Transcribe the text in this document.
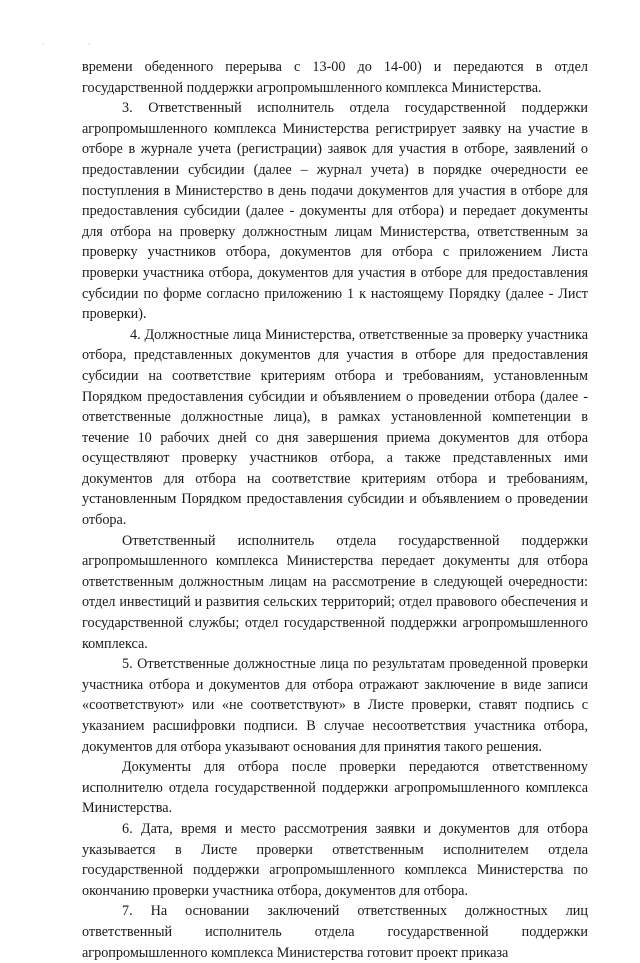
·	·

времени обеденного перерыва с 13-00 до 14-00) и передаются в отдел государственной поддержки агропромышленного комплекса Министерства.

3. Ответственный исполнитель отдела государственной поддержки агропромышленного комплекса Министерства регистрирует заявку на участие в отборе в журнале учета (регистрации) заявок для участия в отборе, заявлений о предоставлении субсидии (далее – журнал учета) в порядке очередности ее поступления в Министерство в день подачи документов для участия в отборе для предоставления субсидии (далее - документы для отбора) и передает документы для отбора на проверку должностным лицам Министерства, ответственным за проверку участников отбора, документов для отбора с приложением Листа проверки участника отбора, документов для участия в отборе для предоставления субсидии по форме согласно приложению 1 к настоящему Порядку (далее - Лист проверки).

4. Должностные лица Министерства, ответственные за проверку участника отбора, представленных документов для участия в отборе для предоставления субсидии на соответствие критериям отбора и требованиям, установленным Порядком предоставления субсидии и объявлением о проведении отбора (далее - ответственные должностные лица), в рамках установленной компетенции в течение 10 рабочих дней со дня завершения приема документов для отбора осуществляют проверку участников отбора, а также представленных ими документов для отбора на соответствие критериям отбора и требованиям, установленным Порядком предоставления субсидии и объявлением о проведении отбора.

Ответственный исполнитель отдела государственной поддержки агропромышленного комплекса Министерства передает документы для отбора ответственным должностным лицам на рассмотрение в следующей очередности: отдел инвестиций и развития сельских территорий; отдел правового обеспечения и государственной службы; отдел государственной поддержки агропромышленного комплекса.

5. Ответственные должностные лица по результатам проведенной проверки участника отбора и документов для отбора отражают заключение в виде записи «соответствуют» или «не соответствуют» в Листе проверки, ставят подпись с указанием расшифровки подписи. В случае несоответствия участника отбора, документов для отбора указывают основания для принятия такого решения.

Документы для отбора после проверки передаются ответственному исполнителю отдела государственной поддержки агропромышленного комплекса Министерства.

6. Дата, время и место рассмотрения заявки и документов для отбора указывается в Листе проверки ответственным исполнителем отдела государственной поддержки агропромышленного комплекса Министерства по окончанию проверки участника отбора, документов для отбора.

7. На основании заключений ответственных должностных лиц ответственный исполнитель отдела государственной поддержки агропромышленного комплекса Министерства готовит проект приказа
